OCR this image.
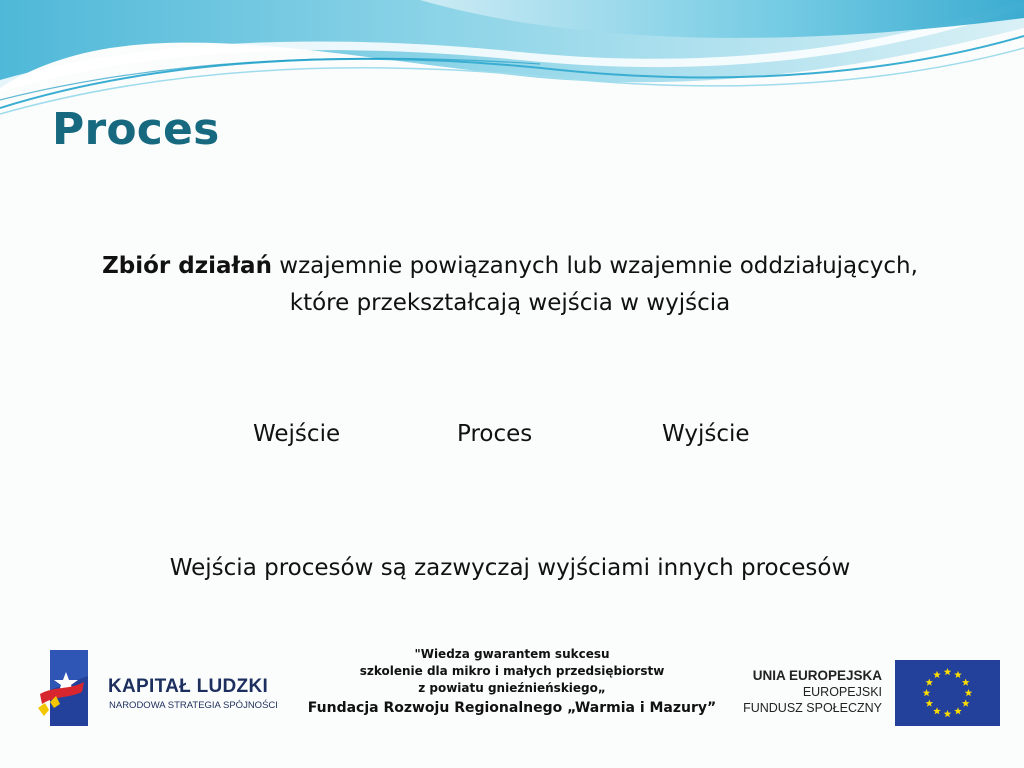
Proces
Zbiór działań wzajemnie powiązanych lub wzajemnie oddziałujących,
które przekształcają wejścia w wyjścia
Wejście	Proces	Wyjście
Wejścia procesów są zazwyczaj wyjściami innych procesów
KAPITAŁ LUDZKI
NARODOWA STRATEGIA SPÓJNOŚCI
"Wiedza gwarantem sukcesu
szkolenie dla mikro i małych przedsiębiorstw
z powiatu gnieźnieńskiego„
Fundacja Rozwoju Regionalnego „Warmia i Mazury”
UNIA EUROPEJSKA
EUROPEJSKI
FUNDUSZ SPOŁECZNY
